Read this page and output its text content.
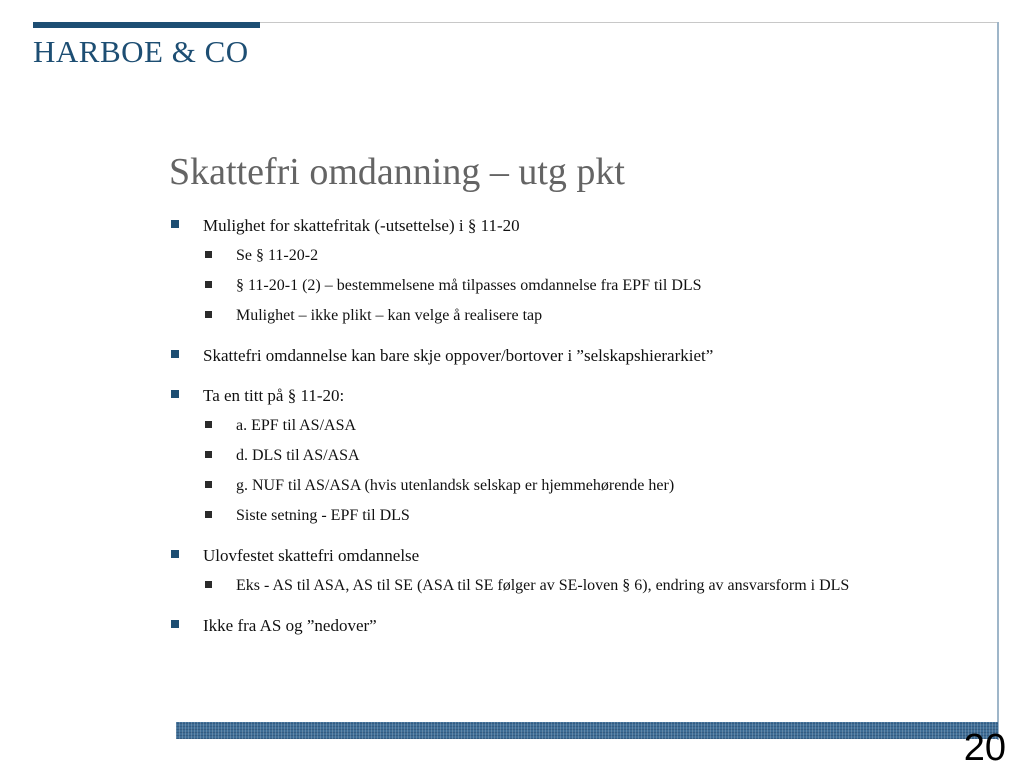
HARBOE & CO
Skattefri omdanning – utg pkt
Mulighet for skattefritak (-utsettelse) i § 11-20
Se § 11-20-2
§ 11-20-1 (2) – bestemmelsene må tilpasses omdannelse fra EPF til DLS
Mulighet – ikke plikt – kan velge å realisere tap
Skattefri omdannelse kan bare skje oppover/bortover i ”selskapshierarkiet”
Ta en titt på § 11-20:
a. EPF til AS/ASA
d. DLS til AS/ASA
g. NUF til AS/ASA (hvis utenlandsk selskap er hjemmehørende her)
Siste setning - EPF til DLS
Ulovfestet skattefri omdannelse
Eks - AS til ASA, AS til SE (ASA til SE følger av SE-loven § 6), endring av ansvarsform i DLS
Ikke fra AS og ”nedover”
20
